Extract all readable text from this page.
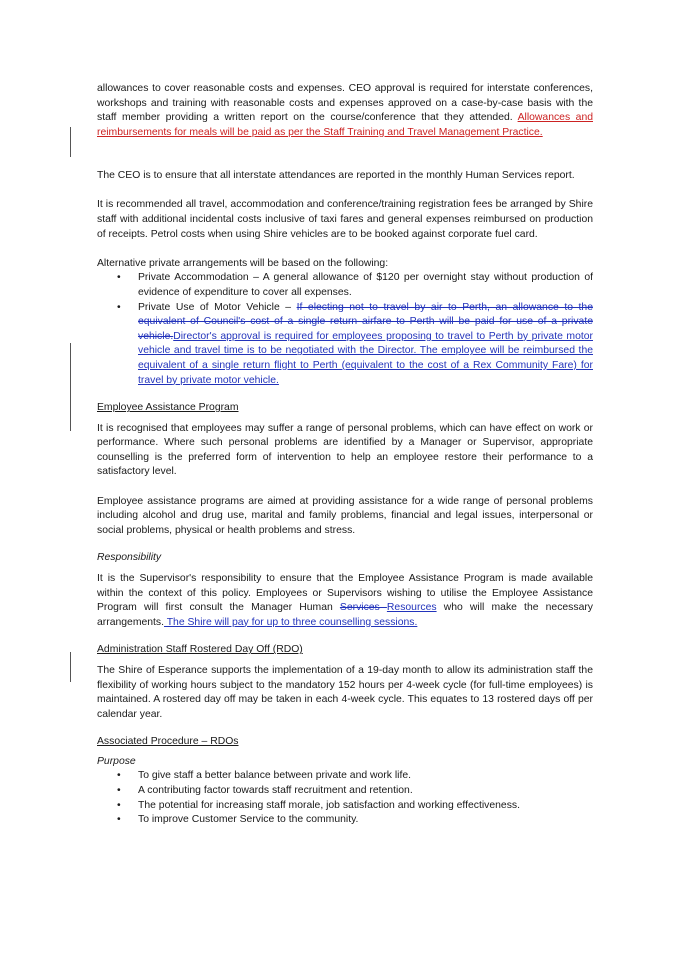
allowances to cover reasonable costs and expenses. CEO approval is required for interstate conferences, workshops and training with reasonable costs and expenses approved on a case-by-case basis with the staff member providing a written report on the course/conference that they attended. Allowances and reimbursements for meals will be paid as per the Staff Training and Travel Management Practice.

The CEO is to ensure that all interstate attendances are reported in the monthly Human Services report.

It is recommended all travel, accommodation and conference/training registration fees be arranged by Shire staff with additional incidental costs inclusive of taxi fares and general expenses reimbursed on production of receipts. Petrol costs when using Shire vehicles are to be booked against corporate fuel card.

Alternative private arrangements will be based on the following:

• Private Accommodation – A general allowance of $120 per overnight stay without production of evidence of expenditure to cover all expenses.
• Private Use of Motor Vehicle – If electing not to travel by air to Perth, an allowance to the equivalent of Council's cost of a single return airfare to Perth will be paid for use of a private vehicle.Director's approval is required for employees proposing to travel to Perth by private motor vehicle and travel time is to be negotiated with the Director. The employee will be reimbursed the equivalent of a single return flight to Perth (equivalent to the cost of a Rex Community Fare) for travel by private motor vehicle.

Employee Assistance Program

It is recognised that employees may suffer a range of personal problems, which can have effect on work or performance. Where such personal problems are identified by a Manager or Supervisor, appropriate counselling is the preferred form of intervention to help an employee restore their performance to a satisfactory level.

Employee assistance programs are aimed at providing assistance for a wide range of personal problems including alcohol and drug use, marital and family problems, financial and legal issues, interpersonal or social problems, physical or health problems and stress.

Responsibility

It is the Supervisor's responsibility to ensure that the Employee Assistance Program is made available within the context of this policy. Employees or Supervisors wishing to utilise the Employee Assistance Program will first consult the Manager Human Services Resources who will make the necessary arrangements. The Shire will pay for up to three counselling sessions.

Administration Staff Rostered Day Off (RDO)

The Shire of Esperance supports the implementation of a 19-day month to allow its administration staff the flexibility of working hours subject to the mandatory 152 hours per 4-week cycle (for full-time employees) is maintained. A rostered day off may be taken in each 4-week cycle. This equates to 13 rostered days off per calendar year.

Associated Procedure – RDOs

Purpose

• To give staff a better balance between private and work life.
• A contributing factor towards staff recruitment and retention.
• The potential for increasing staff morale, job satisfaction and working effectiveness.
• To improve Customer Service to the community.
